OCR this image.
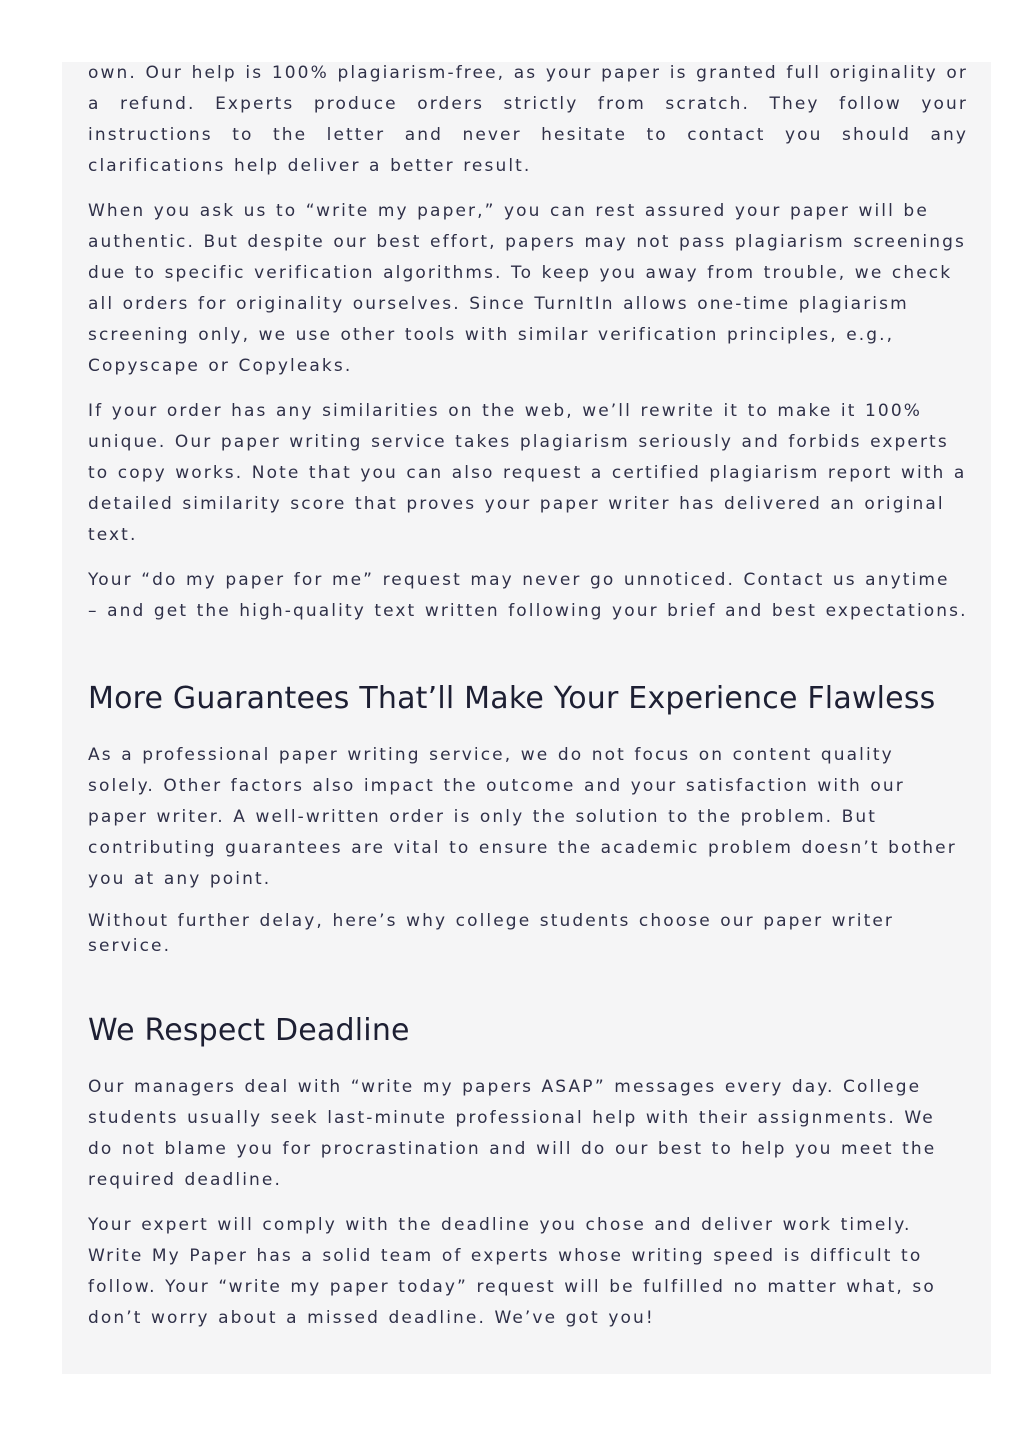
own. Our help is 100% plagiarism-free, as your paper is granted full originality or a refund. Experts produce orders strictly from scratch. They follow your instructions to the letter and never hesitate to contact you should any clarifications help deliver a better result.

When you ask us to “write my paper,” you can rest assured your paper will be authentic. But despite our best effort, papers may not pass plagiarism screenings due to specific verification algorithms. To keep you away from trouble, we check all orders for originality ourselves. Since TurnItIn allows one-time plagiarism screening only, we use other tools with similar verification principles, e.g., Copyscape or Copyleaks.

If your order has any similarities on the web, we’ll rewrite it to make it 100% unique. Our paper writing service takes plagiarism seriously and forbids experts to copy works. Note that you can also request a certified plagiarism report with a detailed similarity score that proves your paper writer has delivered an original text.

Your “do my paper for me” request may never go unnoticed. Contact us anytime – and get the high-quality text written following your brief and best expectations.

More Guarantees That’ll Make Your Experience Flawless

As a professional paper writing service, we do not focus on content quality solely. Other factors also impact the outcome and your satisfaction with our paper writer. A well-written order is only the solution to the problem. But contributing guarantees are vital to ensure the academic problem doesn’t bother you at any point.

Without further delay, here’s why college students choose our paper writer service.

We Respect Deadline

Our managers deal with “write my papers ASAP” messages every day. College students usually seek last-minute professional help with their assignments. We do not blame you for procrastination and will do our best to help you meet the required deadline.

Your expert will comply with the deadline you chose and deliver work timely. Write My Paper has a solid team of experts whose writing speed is difficult to follow. Your “write my paper today” request will be fulfilled no matter what, so don’t worry about a missed deadline. We’ve got you!
